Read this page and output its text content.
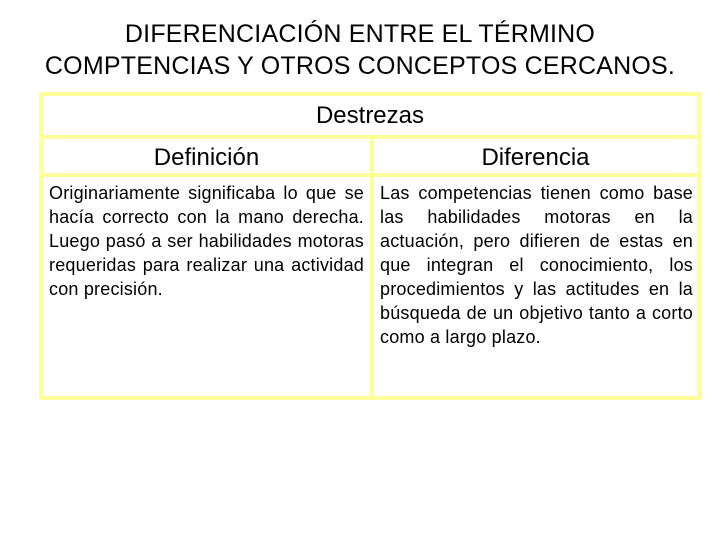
DIFERENCIACIÓN ENTRE EL TÉRMINO
COMPTENCIAS Y OTROS CONCEPTOS CERCANOS.
Destrezas
Definición	Diferencia
Originariamente significaba lo que se hacía correcto con la mano derecha. Luego pasó a ser habilidades motoras requeridas para realizar una actividad con precisión.
Las competencias tienen como base las habilidades motoras en la actuación, pero difieren de estas en que integran el conocimiento, los procedimientos y las actitudes en la búsqueda de un objetivo tanto a corto como a largo plazo.
